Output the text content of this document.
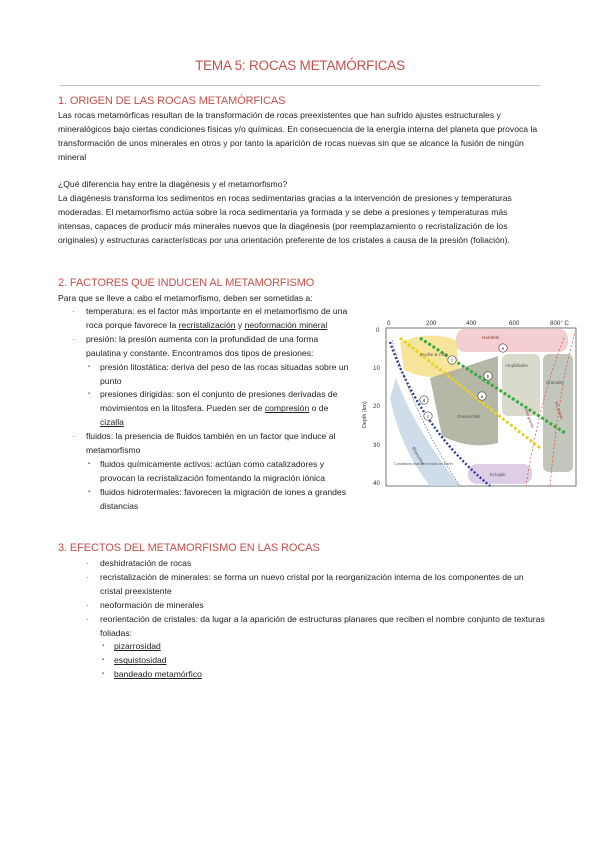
TEMA 5: ROCAS METAMÓRFICAS
1. ORIGEN DE LAS ROCAS METAMÓRFICAS
Las rocas metamórficas resultan de la transformación de rocas preexistentes que han sufrido ajustes estructurales y mineralógicos bajo ciertas condiciones físicas y/o químicas. En consecuencia de la energía interna del planeta que provoca la transformación de unos minerales en otros y por tanto la aparición de rocas nuevas sin que se alcance la fusión de ningún mineral
¿Qué diferencia hay entre la diagénesis y el metamorfismo?
La diagénesis transforma los sedimentos en rocas sedimentarias gracias a la intervención de presiones y temperaturas moderadas. El metamorfismo actúa sobre la roca sedimentaria ya formada y se debe a presiones y temperaturas más intensas, capaces de producir más minerales nuevos que la diagénesis (por reemplazamiento o recristalización de los originales) y estructuras características por una orientación preferente de los cristales a causa de la presión (foliación).
2. FACTORES QUE INDUCEN AL METAMORFISMO
Para que se lleve a cabo el metamorfismo, deben ser sometidas a:
· temperatura: es el factor más importante en el metamorfismo de una roca porque favorece la recristalización y neoformación mineral
· presión: la presión aumenta con la profundidad de una forma paulatina y constante. Encontramos dos tipos de presiones:
▪ presión litostática: deriva del peso de las rocas situadas sobre un punto
▪ presiones dirigidas: son el conjunto de presiones derivadas de movimientos en la litosfera. Pueden ser de compresión o de cizalla
· fluidos: la presencia de fluidos también en un factor que induce al metamorfismo
▪ fluidos químicamente activos: actúan como catalizadores y provocan la recristalización fomentando la migración iónica
▪ fluidos hidrotermales: favorecen la migración de iones a grandes distancias
0	200	400	600	800° C
0
10
20
30
40
Depth (km)
Hornfels
Zeolite & Clay
Amphibolite
Granulite
Greenschist
Blueschist
Eclogite
Conditions that don't exist on Earth
Wet granite	Dry granite
e
f
b
a
d
c
3. EFECTOS DEL METAMORFISMO EN LAS ROCAS
· deshidratación de rocas
· recristalización de minerales: se forma un nuevo cristal por la reorganización interna de los componentes de un cristal preexistente
· neoformación de minerales
· reorientación de cristales: da lugar a la aparición de estructuras planares que reciben el nombre conjunto de texturas foliadas:
▪ pizarrosidad
▪ esquistosidad
▪ bandeado metamórfico
